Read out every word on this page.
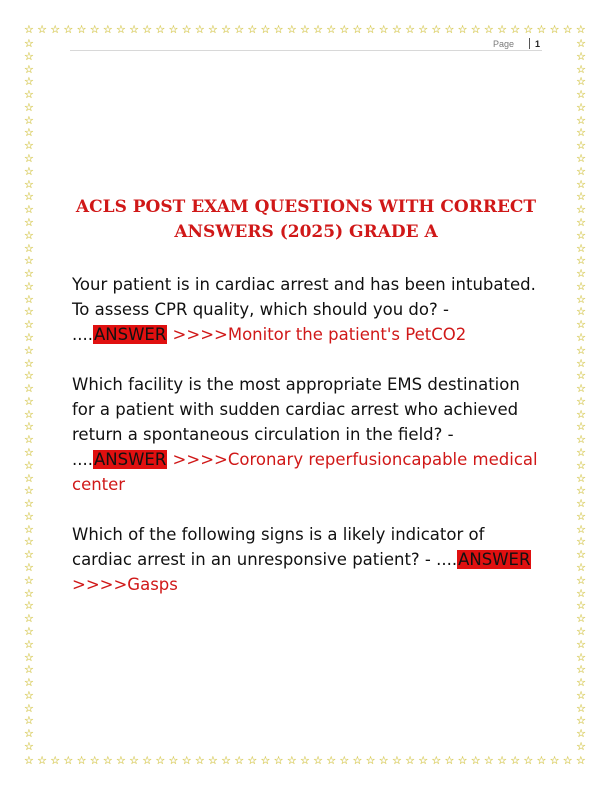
☆ ☆ ☆ ☆ ☆ ☆ ☆ ☆ ☆ ☆ ☆ ☆ ☆ ☆ ☆ ☆ ☆ ☆ ☆ ☆ ☆ ☆ ☆ ☆ ☆ ☆ ☆ ☆ ☆ ☆ ☆ ☆ ☆ ☆ ☆ ☆ ☆ ☆ ☆ ☆ ☆ ☆ ☆
☆ ☆ ☆ ☆ ☆ ☆ ☆ ☆ ☆ ☆ ☆ ☆ ☆ ☆ ☆ ☆ ☆ ☆ ☆ ☆ ☆ ☆ ☆ ☆ ☆ ☆ ☆ ☆ ☆ ☆ ☆ ☆ ☆ ☆ ☆ ☆ ☆ ☆ ☆ ☆ ☆ ☆ ☆
☆
☆
☆
☆
☆
☆
☆
☆
☆
☆
☆
☆
☆
☆
☆
☆
☆
☆
☆
☆
☆
☆
☆
☆
☆
☆
☆
☆
☆
☆
☆
☆
☆
☆
☆
☆
☆
☆
☆
☆
☆
☆
☆
☆
☆
☆
☆
☆
☆
☆
☆
☆
☆
☆
☆
☆
☆
☆
☆
☆
☆
☆
☆
☆
☆
☆
☆
☆
☆
☆
☆
☆
☆
☆
☆
☆
☆
☆
☆
☆
☆
☆
☆
☆
☆
☆
☆
☆
☆
☆
☆
☆
☆
☆
☆
☆
☆
☆
☆
☆
☆
☆
☆
☆
☆
☆
☆
☆
☆
☆
☆
☆
Page 1
ACLS POST EXAM QUESTIONS WITH CORRECT ANSWERS (2025) GRADE A

Your patient is in cardiac arrest and has been intubated. To assess CPR quality, which should you do? - ....ANSWER >>>>Monitor the patient's PetCO2

Which facility is the most appropriate EMS destination for a patient with sudden cardiac arrest who achieved return a spontaneous circulation in the field? - ....ANSWER >>>>Coronary reperfusioncapable medical center

Which of the following signs is a likely indicator of cardiac arrest in an unresponsive patient? - ....ANSWER >>>>Gasps
